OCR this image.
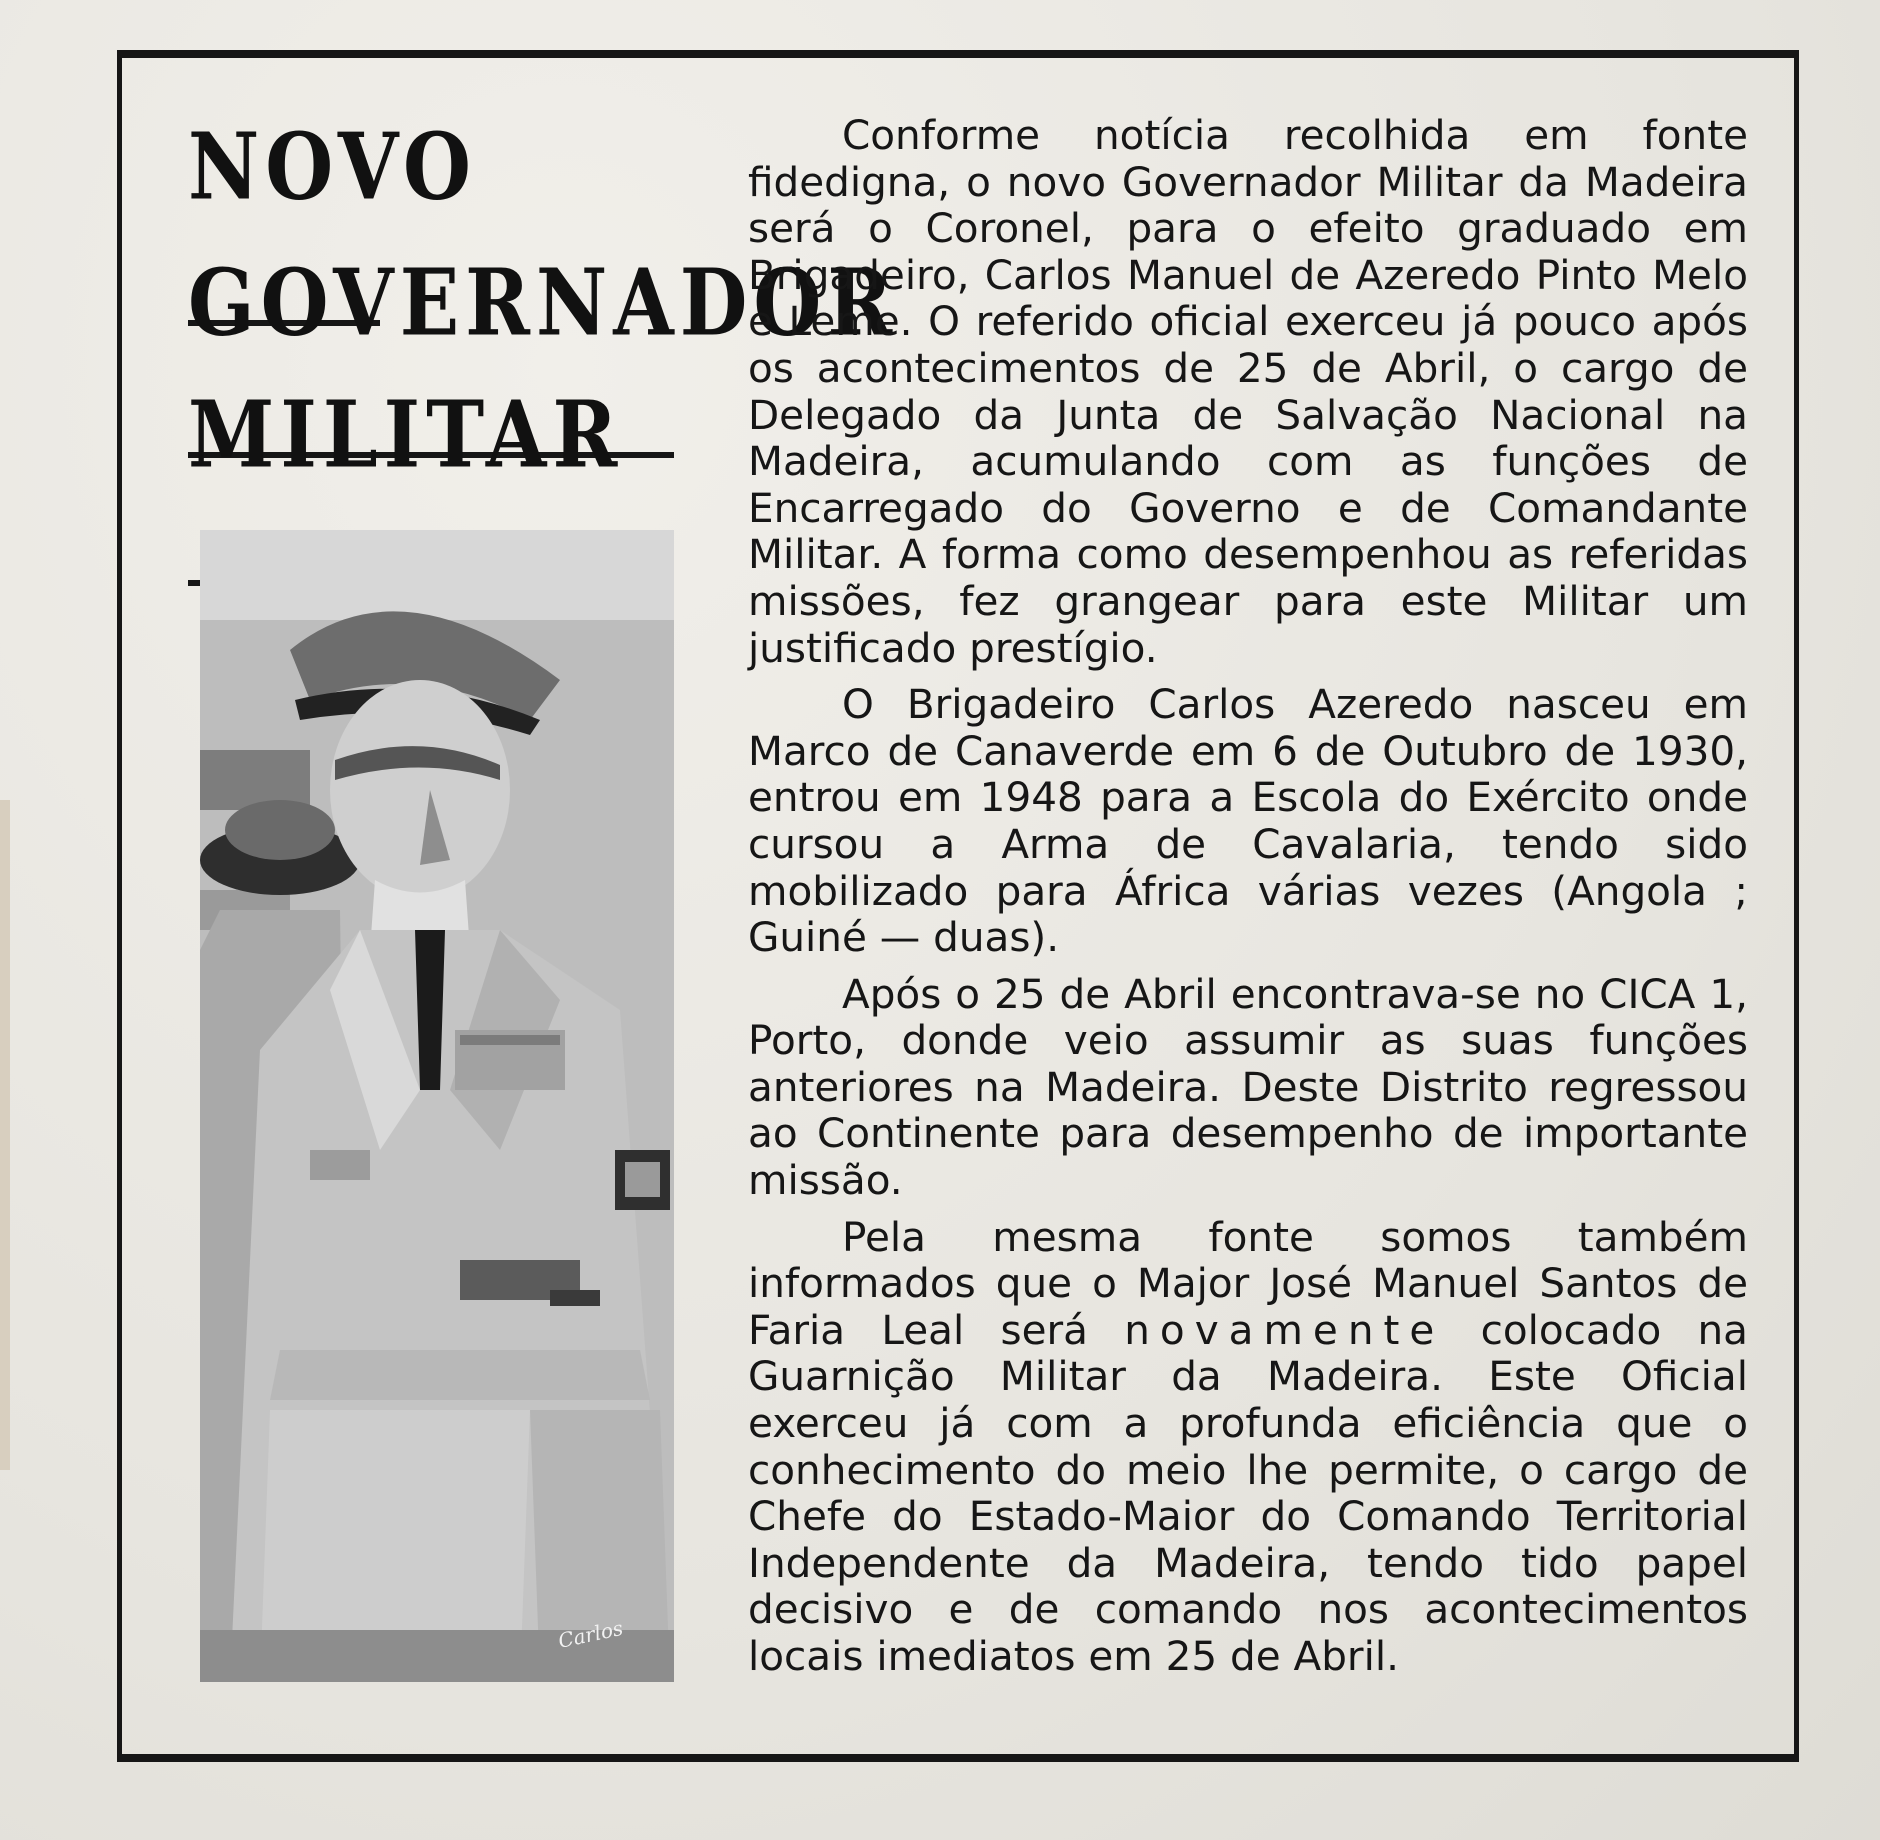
NOVO
GOVERNADOR
MILITAR
Carlos

Conforme notícia recolhida em fonte fidedigna, o novo Governador Militar da Madeira será o Coronel, para o efeito graduado em Brigadeiro, Carlos Manuel de Azeredo Pinto Melo e Leme. O referido oficial exerceu já pouco após os acontecimentos de 25 de Abril, o cargo de Delegado da Junta de Salvação Nacional na Madeira, acumulando com as funções de Encarregado do Governo e de Comandante Militar. A forma como desempenhou as referidas missões, fez grangear para este Militar um justificado prestígio.

O Brigadeiro Carlos Azeredo nasceu em Marco de Canaverde em 6 de Outubro de 1930, entrou em 1948 para a Escola do Exército onde cursou a Arma de Cavalaria, tendo sido mobilizado para África várias vezes (Angola ; Guiné — duas).

Após o 25 de Abril encontrava-se no CICA 1, Porto, donde veio assumir as suas funções anteriores na Madeira. Deste Distrito regressou ao Continente para desempenho de importante missão.

Pela mesma fonte somos também informados que o Major José Manuel Santos de Faria Leal será novamente colocado na Guarnição Militar da Madeira. Este Oficial exerceu já com a profunda eficiência que o conhecimento do meio lhe permite, o cargo de Chefe do Estado-Maior do Comando Territorial Independente da Madeira, tendo tido papel decisivo e de comando nos acontecimentos locais imediatos em 25 de Abril.
